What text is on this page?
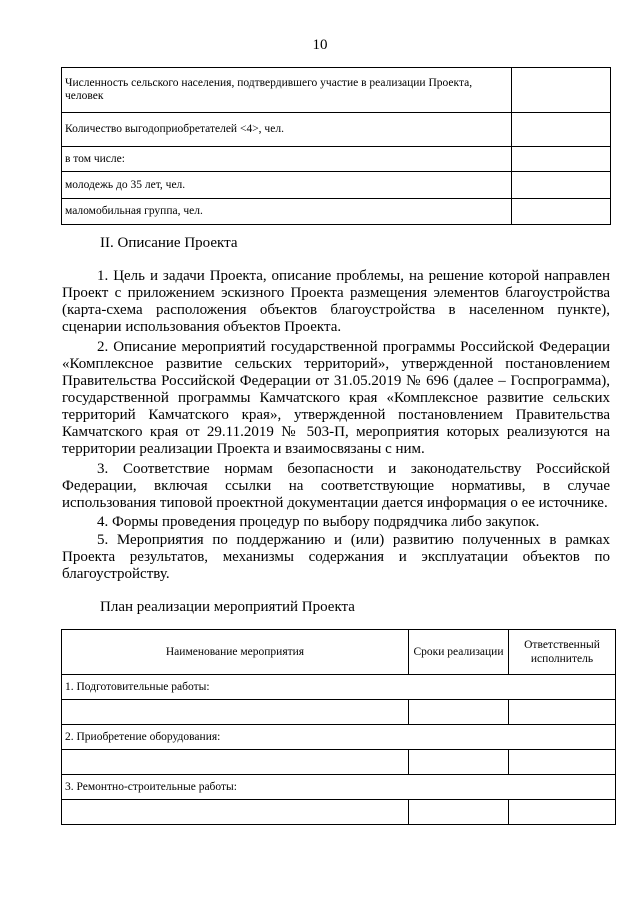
10
Численность сельского населения, подтвердившего участие в реализации Проекта, человек	
Количество выгодоприобретателей <4>, чел.	
в том числе:	
молодежь до 35 лет, чел.	
маломобильная группа, чел.	
II. Описание Проекта

1. Цель и задачи Проекта, описание проблемы, на решение которой направлен Проект с приложением эскизного Проекта размещения элементов благоустройства (карта-схема расположения объектов благоустройства в населенном пункте), сценарии использования объектов Проекта.

2. Описание мероприятий государственной программы Российской Федерации «Комплексное развитие сельских территорий», утвержденной постановлением Правительства Российской Федерации от 31.05.2019 № 696 (далее – Госпрограмма), государственной программы Камчатского края «Комплексное развитие сельских территорий Камчатского края», утвержденной постановлением Правительства Камчатского края от 29.11.2019 № 503-П, мероприятия которых реализуются на территории реализации Проекта и взаимосвязаны с ним.

3. Соответствие нормам безопасности и законодательству Российской Федерации, включая ссылки на соответствующие нормативы, в случае использования типовой проектной документации дается информация о ее источнике.

4. Формы проведения процедур по выбору подрядчика либо закупок.

5. Мероприятия по поддержанию и (или) развитию полученных в рамках Проекта результатов, механизмы содержания и эксплуатации объектов по благоустройству.

План реализации мероприятий Проекта
Наименование мероприятия	Сроки реализации	Ответственный исполнитель
1. Подготовительные работы:		

2. Приобретение оборудования:		

3. Ремонтно-строительные работы:		
